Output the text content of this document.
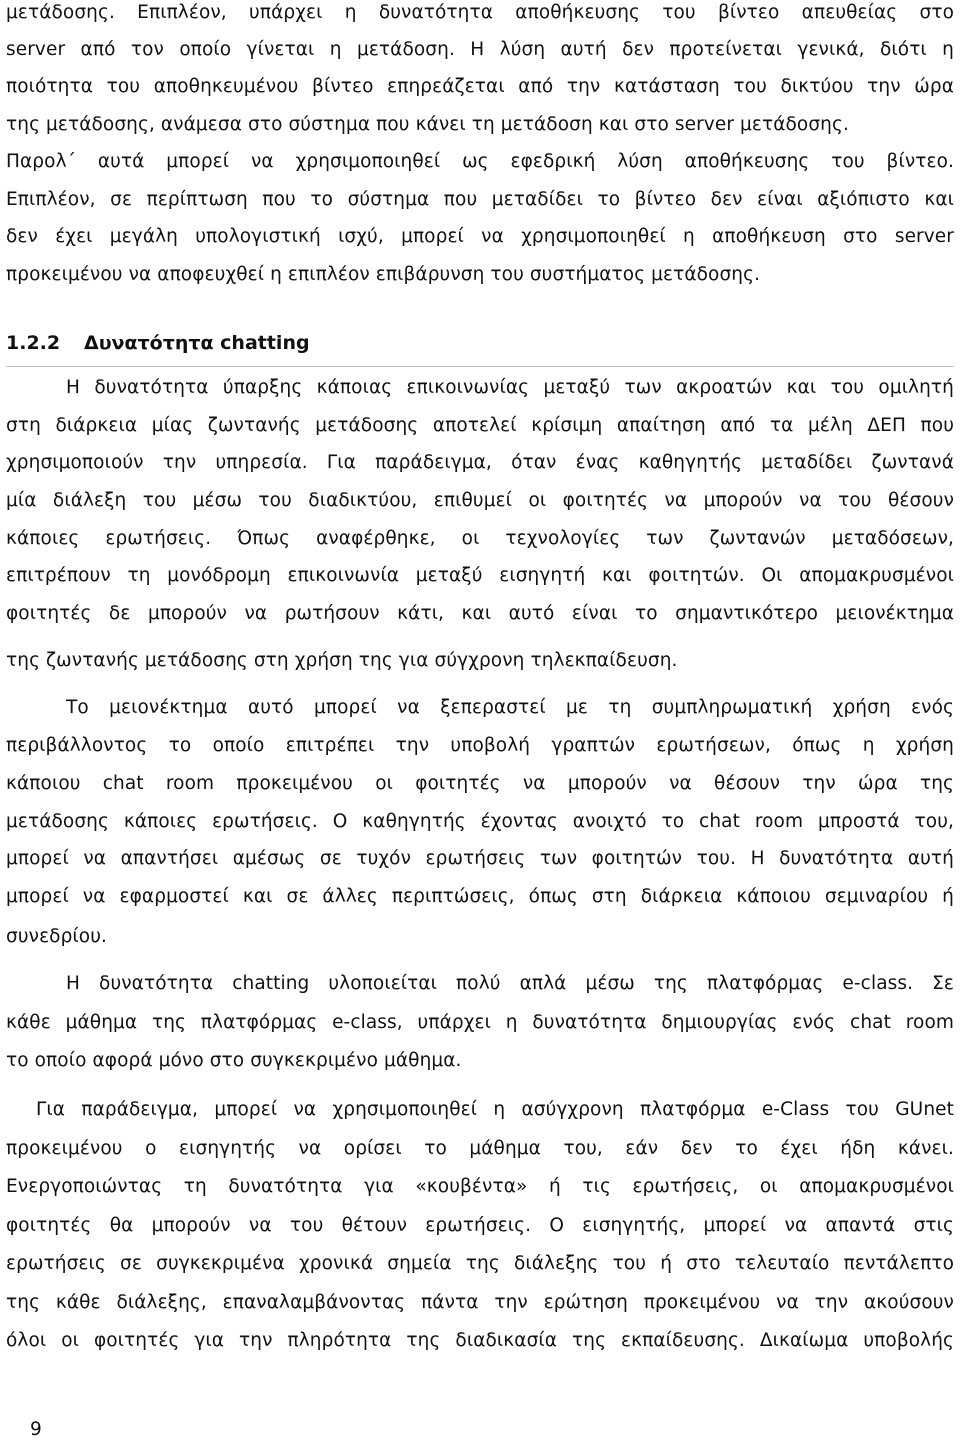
μετάδοσης. Επιπλέον, υπάρχει η δυνατότητα αποθήκευσης του βίντεο απευθείας στο
server από τον οποίο γίνεται η μετάδοση. Η λύση αυτή δεν προτείνεται γενικά, διότι η
ποιότητα του αποθηκευμένου βίντεο επηρεάζεται από την κατάσταση του δικτύου την ώρα
της μετάδοσης, ανάμεσα στο σύστημα που κάνει τη μετάδοση και στο server μετάδοσης.
Παρολ΄ αυτά μπορεί να χρησιμοποιηθεί ως εφεδρική λύση αποθήκευσης του βίντεο.
Επιπλέον, σε περίπτωση που το σύστημα που μεταδίδει το βίντεο δεν είναι αξιόπιστο και
δεν έχει μεγάλη υπολογιστική ισχύ, μπορεί να χρησιμοποιηθεί η αποθήκευση στο server
προκειμένου να αποφευχθεί η επιπλέον επιβάρυνση του συστήματος μετάδοσης.
1.2.2 Δυνατότητα chatting
Η δυνατότητα ύπαρξης κάποιας επικοινωνίας μεταξύ των ακροατών και του ομιλητή
στη διάρκεια μίας ζωντανής μετάδοσης αποτελεί κρίσιμη απαίτηση από τα μέλη ΔΕΠ που
χρησιμοποιούν την υπηρεσία. Για παράδειγμα, όταν ένας καθηγητής μεταδίδει ζωντανά
μία διάλεξη του μέσω του διαδικτύου, επιθυμεί οι φοιτητές να μπορούν να του θέσουν
κάποιες ερωτήσεις. Όπως αναφέρθηκε, οι τεχνολογίες των ζωντανών μεταδόσεων,
επιτρέπουν τη μονόδρομη επικοινωνία μεταξύ εισηγητή και φοιτητών. Οι απομακρυσμένοι
φοιτητές δε μπορούν να ρωτήσουν κάτι, και αυτό είναι το σημαντικότερο μειονέκτημα
της ζωντανής μετάδοσης στη χρήση της για σύγχρονη τηλεκπαίδευση.
Το μειονέκτημα αυτό μπορεί να ξεπεραστεί με τη συμπληρωματική χρήση ενός
περιβάλλοντος το οποίο επιτρέπει την υποβολή γραπτών ερωτήσεων, όπως η χρήση
κάποιου chat room προκειμένου οι φοιτητές να μπορούν να θέσουν την ώρα της
μετάδοσης κάποιες ερωτήσεις. Ο καθηγητής έχοντας ανοιχτό το chat room μπροστά του,
μπορεί να απαντήσει αμέσως σε τυχόν ερωτήσεις των φοιτητών του. Η δυνατότητα αυτή
μπορεί να εφαρμοστεί και σε άλλες περιπτώσεις, όπως στη διάρκεια κάποιου σεμιναρίου ή
συνεδρίου.
Η δυνατότητα chatting υλοποιείται πολύ απλά μέσω της πλατφόρμας e-class. Σε
κάθε μάθημα της πλατφόρμας e-class, υπάρχει η δυνατότητα δημιουργίας ενός chat room
το οποίο αφορά μόνο στο συγκεκριμένο μάθημα.
Για παράδειγμα, μπορεί να χρησιμοποιηθεί η ασύγχρονη πλατφόρμα e-Class του GUnet
προκειμένου ο εισηγητής να ορίσει το μάθημα του, εάν δεν το έχει ήδη κάνει.
Ενεργοποιώντας τη δυνατότητα για «κουβέντα» ή τις ερωτήσεις, οι απομακρυσμένοι
φοιτητές θα μπορούν να του θέτουν ερωτήσεις. Ο εισηγητής, μπορεί να απαντά στις
ερωτήσεις σε συγκεκριμένα χρονικά σημεία της διάλεξης του ή στο τελευταίο πεντάλεπτο
της κάθε διάλεξης, επαναλαμβάνοντας πάντα την ερώτηση προκειμένου να την ακούσουν
όλοι οι φοιτητές για την πληρότητα της διαδικασία της εκπαίδευσης. Δικαίωμα υποβολής
9
